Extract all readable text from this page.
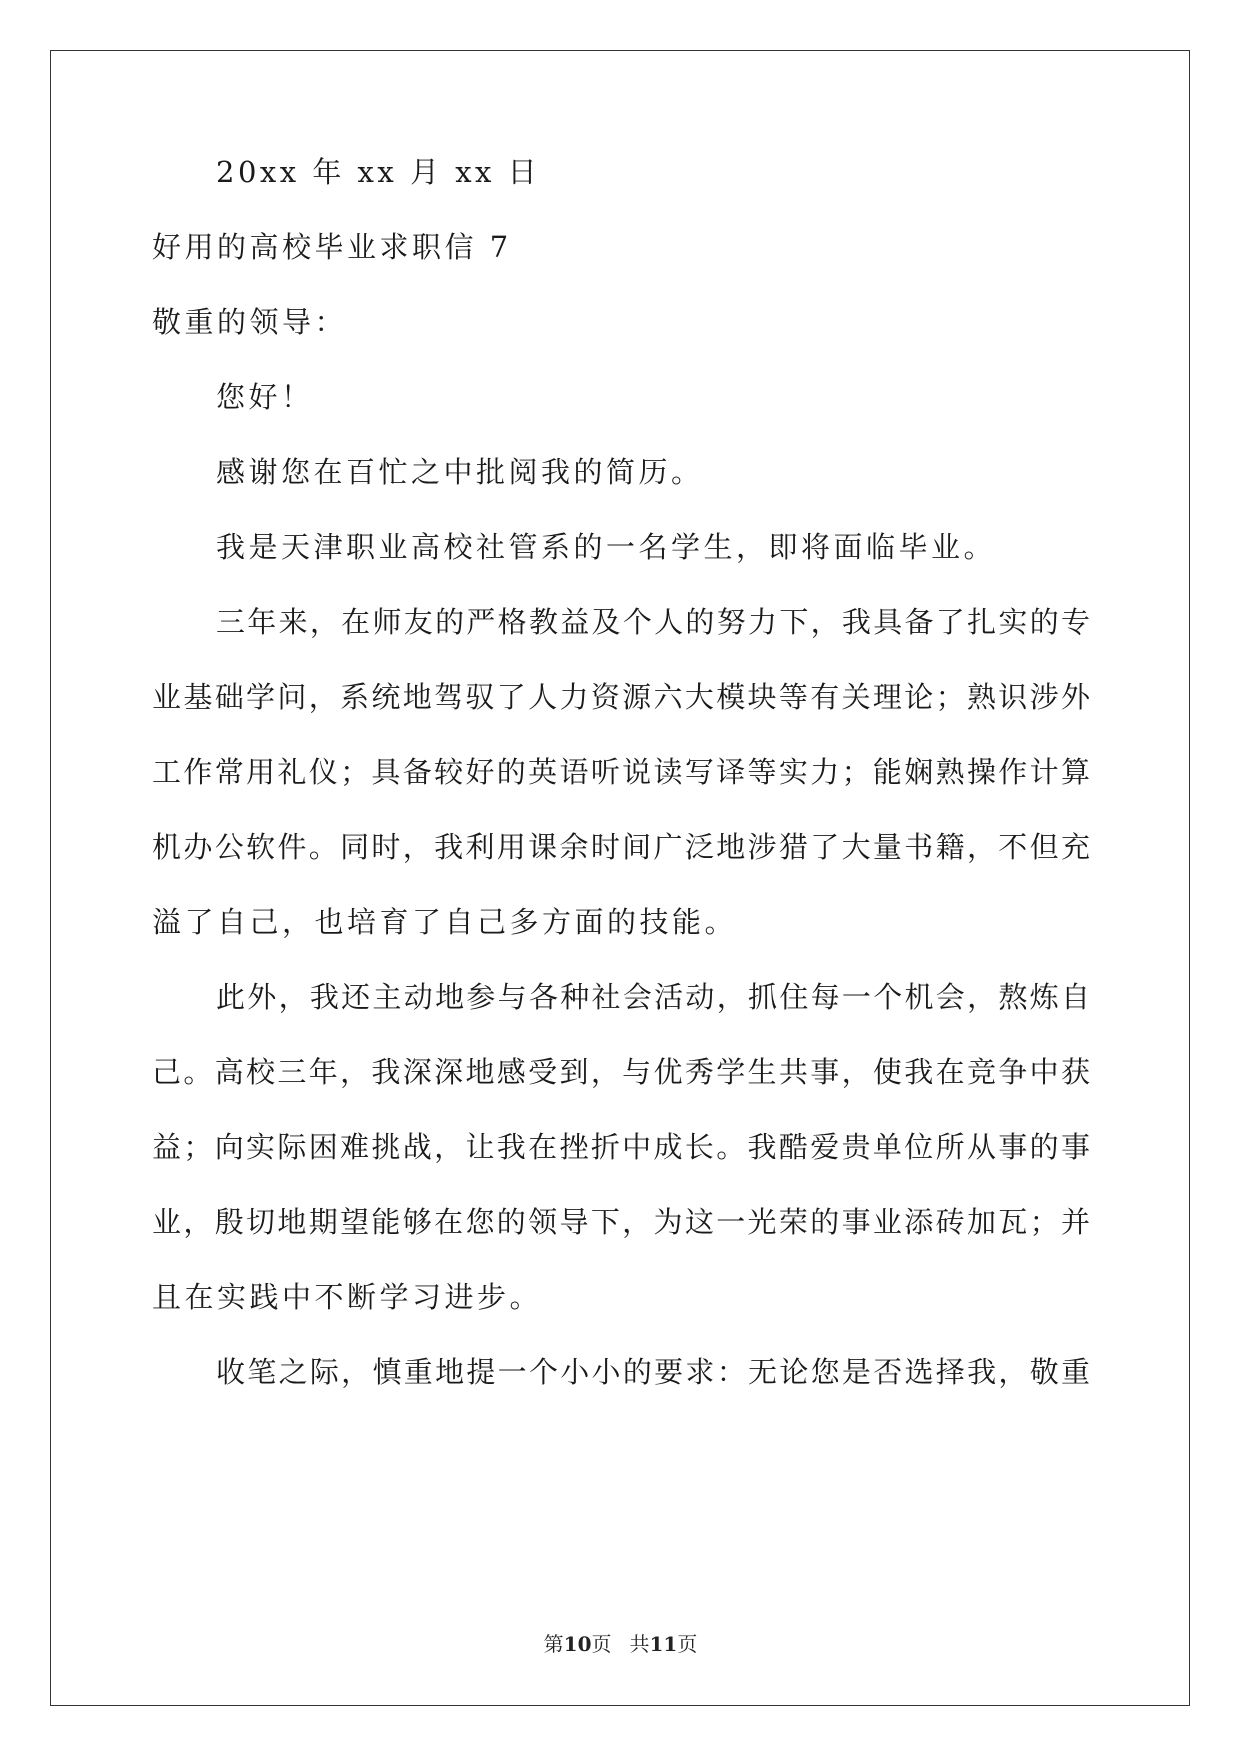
20xx 年 xx 月 xx 日
好用的高校毕业求职信 7
敬重的领导：
您好！
感谢您在百忙之中批阅我的简历。
我是天津职业高校社管系的一名学生，即将面临毕业。
三年来，在师友的严格教益及个人的努力下，我具备了扎实的专
业基础学问，系统地驾驭了人力资源六大模块等有关理论；熟识涉外
工作常用礼仪；具备较好的英语听说读写译等实力；能娴熟操作计算
机办公软件。同时，我利用课余时间广泛地涉猎了大量书籍，不但充
溢了自己，也培育了自己多方面的技能。
此外，我还主动地参与各种社会活动，抓住每一个机会，熬炼自
己。高校三年，我深深地感受到，与优秀学生共事，使我在竞争中获
益；向实际困难挑战，让我在挫折中成长。我酷爱贵单位所从事的事
业，殷切地期望能够在您的领导下，为这一光荣的事业添砖加瓦；并
且在实践中不断学习进步。
收笔之际，慎重地提一个小小的要求：无论您是否选择我，敬重
第10页 共11页
